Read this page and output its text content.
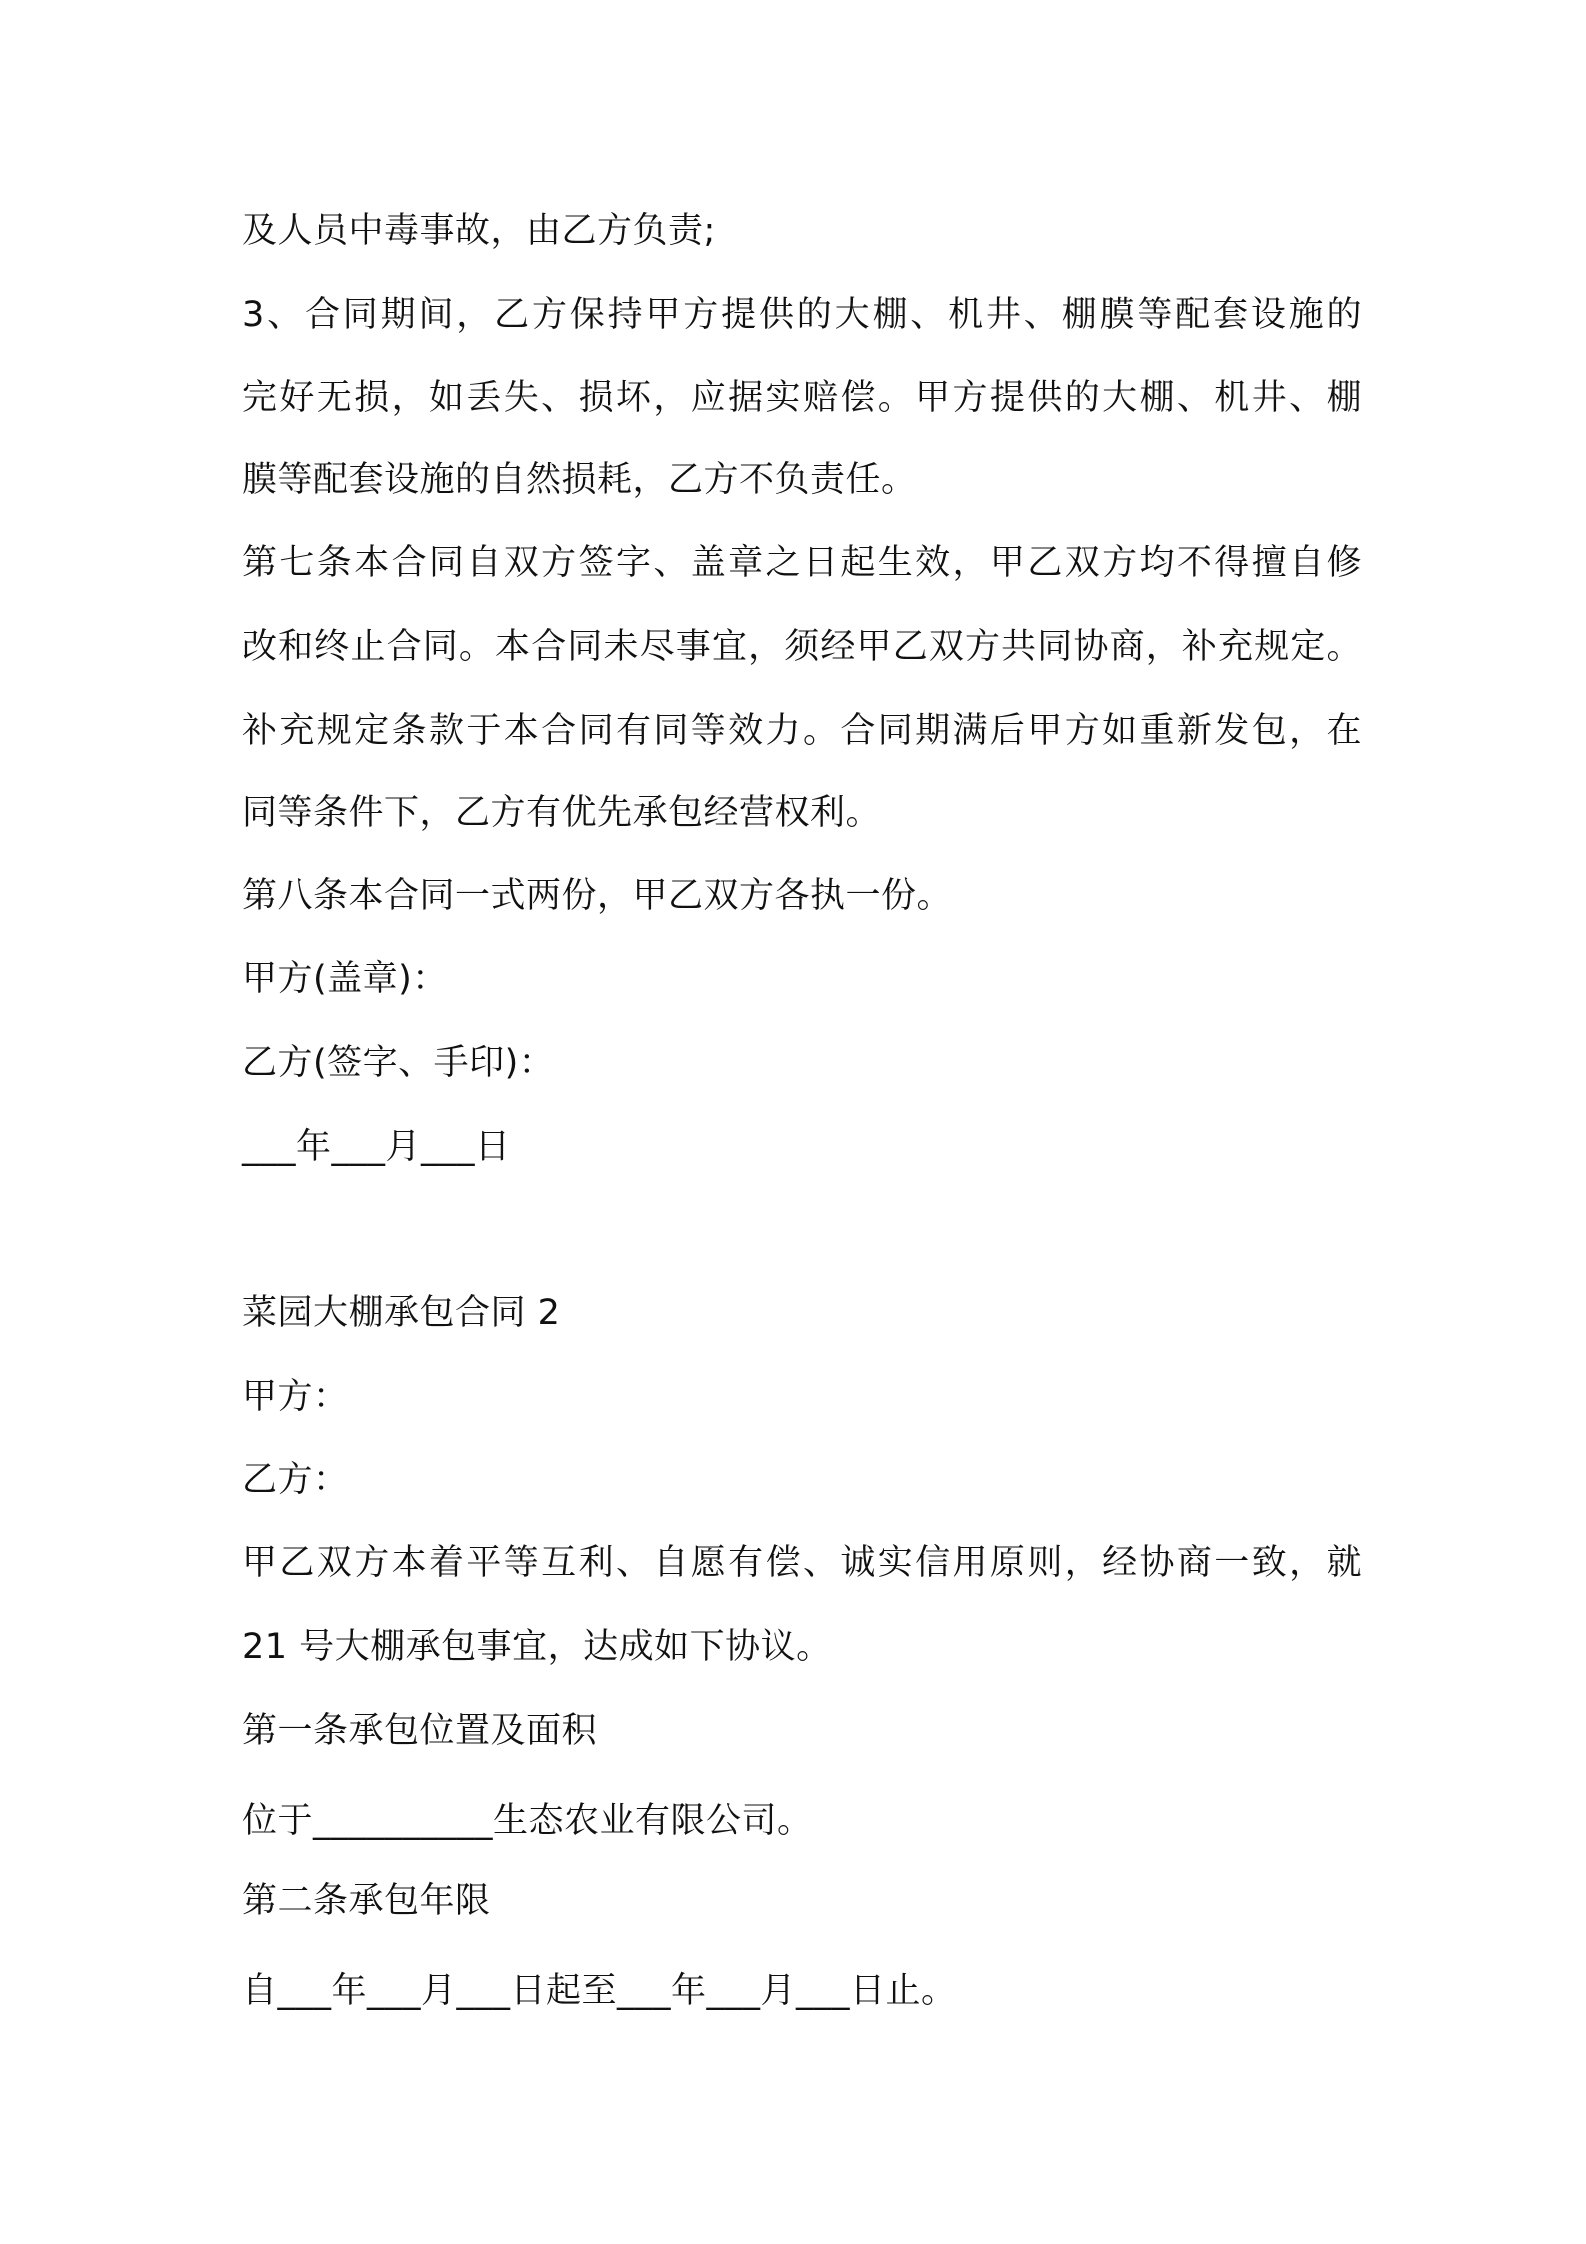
及人员中毒事故，由乙方负责;
3、合同期间，乙方保持甲方提供的大棚、机井、棚膜等配套设施的
完好无损，如丢失、损坏，应据实赔偿。甲方提供的大棚、机井、棚
膜等配套设施的自然损耗，乙方不负责任。
第七条本合同自双方签字、盖章之日起生效，甲乙双方均不得擅自修
改和终止合同。本合同未尽事宜，须经甲乙双方共同协商，补充规定。
补充规定条款于本合同有同等效力。合同期满后甲方如重新发包，在
同等条件下，乙方有优先承包经营权利。
第八条本合同一式两份，甲乙双方各执一份。
甲方(盖章)：
乙方(签字、手印)：
___年___月___日
菜园大棚承包合同 2
甲方：
乙方：
甲乙双方本着平等互利、自愿有偿、诚实信用原则，经协商一致，就
21 号大棚承包事宜，达成如下协议。
第一条承包位置及面积
位于__________生态农业有限公司。
第二条承包年限
自___年___月___日起至___年___月___日止。
